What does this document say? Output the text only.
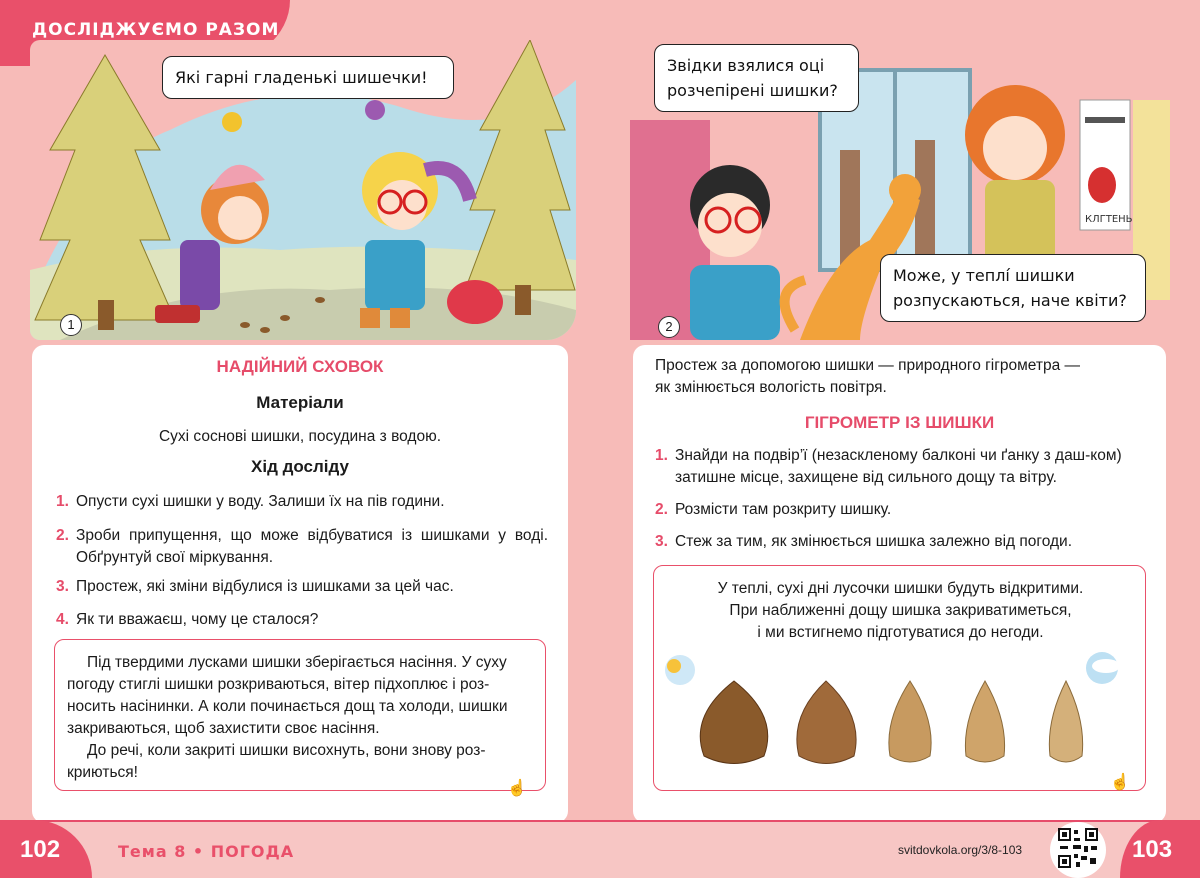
ДОСЛІДЖУЄМО РАЗОМ
1
Які гарні гладенькі шишечки!
КЛГТЕНЬ
2
Звідки взялися оці
розчепірені шишки?
Може, у теплі́ шишки
розпускаються, наче квіти?
НАДІЙНИЙ СХОВОК
Матеріали
Сухі соснові шишки, посудина з водою.
Хід досліду
1. Опусти сухі шишки у воду. Залиши їх на пів години.
2. Зроби припущення, що може відбуватися із шишками у воді. Обґрунтуй свої міркування.
3. Простеж, які зміни відбулися із шишками за цей час.
4. Як ти вважаєш, чому це сталося?
Під твердими лусками шишки зберігається насіння. У суху
погоду стиглі шишки розкриваються, вітер підхоплює і роз-
носить насінинки. А коли починається дощ та холоди, шишки
закриваються, щоб захистити своє насіння.
До речі, коли закриті шишки висохнуть, вони знову роз-
криються!
☝
Простеж за допомогою шишки — природного гігрометра —
як змінюється вологість повітря.
ГІГРОМЕТР ІЗ ШИШКИ
1. Знайди на подвір’ї (незаскленому балконі чи ґанку з даш-ком) затишне місце, захищене від сильного дощу та вітру.
2. Розмісти там розкриту шишку.
3. Стеж за тим, як змінюється шишка залежно від погоди.
У теплі, сухі дні лусочки шишки будуть відкритими.
При наближенні дощу шишка закриватиметься,
і ми встигнемо підготуватися до негоди.
☝
102	Тема 8 • ПОГОДА	svitdovkola.org/3/8-103	103
